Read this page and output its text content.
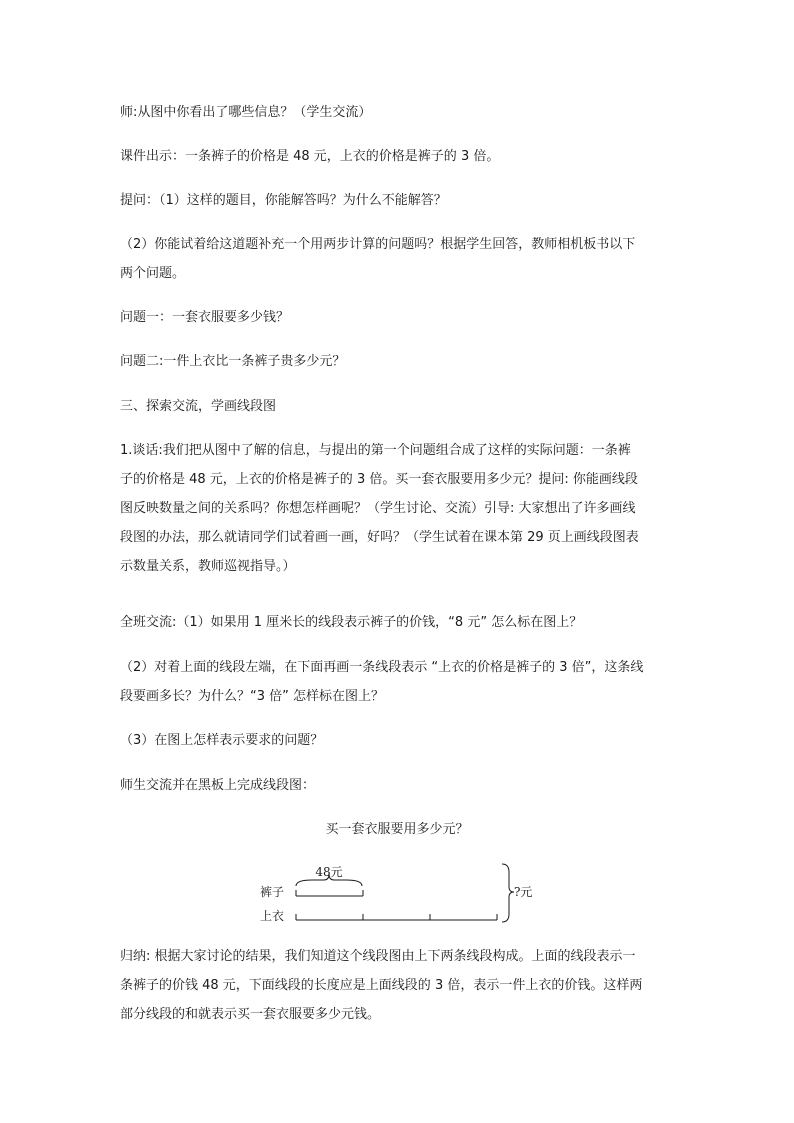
师:从图中你看出了哪些信息？（学生交流）

课件出示：一条裤子的价格是 48 元，上衣的价格是裤子的 3 倍。

提问：（1）这样的题目，你能解答吗？为什么不能解答？

（2）你能试着给这道题补充一个用两步计算的问题吗？根据学生回答，教师相机板书以下
两个问题。

问题一：一套衣服要多少钱？

问题二:一件上衣比一条裤子贵多少元？

三、探索交流，学画线段图

1.谈话:我们把从图中了解的信息，与提出的第一个问题组合成了这样的实际问题：一条裤
子的价格是 48 元，上衣的价格是裤子的 3 倍。买一套衣服要用多少元？提问: 你能画线段
图反映数量之间的关系吗？你想怎样画呢？（学生讨论、交流）引导: 大家想出了许多画线
段图的办法，那么就请同学们试着画一画，好吗？（学生试着在课本第 29 页上画线段图表
示数量关系，教师巡视指导。）

全班交流:（1）如果用 1 厘米长的线段表示裤子的价钱，“8 元” 怎么标在图上？

（2）对着上面的线段左端，在下面再画一条线段表示 “上衣的价格是裤子的 3 倍”，这条线
段要画多长？为什么？“3 倍” 怎样标在图上？

（3）在图上怎样表示要求的问题？

师生交流并在黑板上完成线段图：

买一套衣服要用多少元？

48元
裤子
上衣
?元
归纳: 根据大家讨论的结果，我们知道这个线段图由上下两条线段构成。上面的线段表示一
条裤子的价钱 48 元，下面线段的长度应是上面线段的 3 倍，表示一件上衣的价钱。这样两
部分线段的和就表示买一套衣服要多少元钱。
